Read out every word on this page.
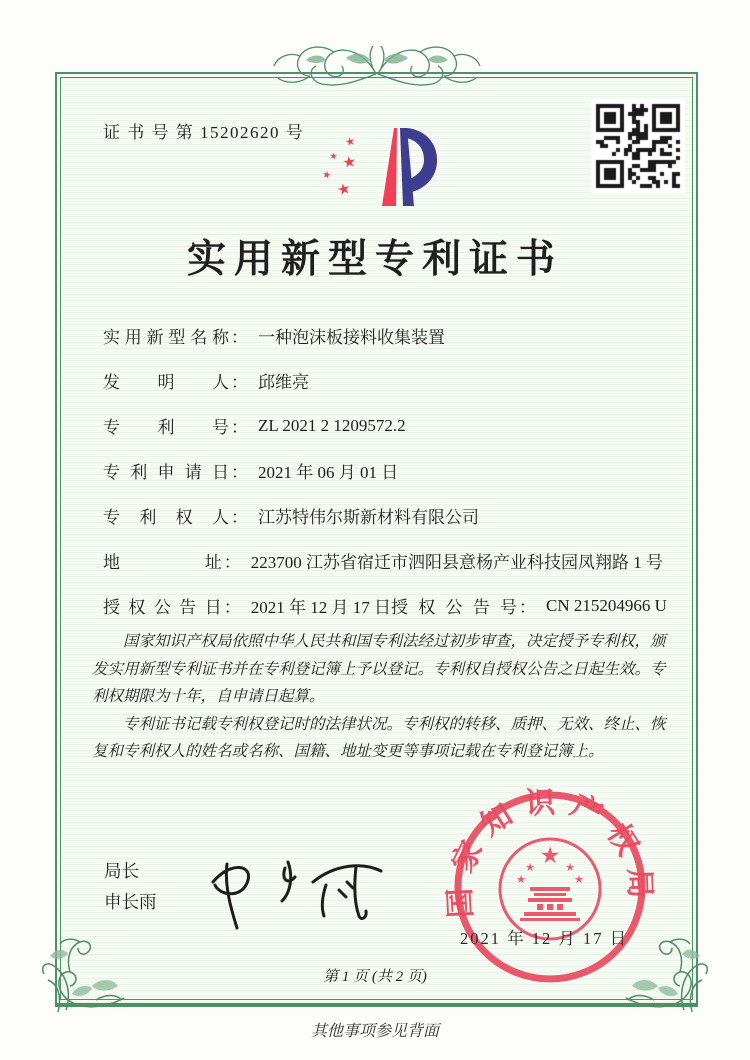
证 书 号 第 15202620 号	★
★ ★
★
★
实用新型专利证书
实用新型名称 ： 一种泡沫板接料收集装置
发明人 ： 邱维亮
专利号 ： ZL 2021 2 1209572.2
专利申请日 ： 2021 年 06 月 01 日
专利权人 ： 江苏特伟尔斯新材料有限公司
地址 ： 223700 江苏省宿迁市泗阳县意杨产业科技园凤翔路 1 号
授权公告日 ： 2021 年 12 月 17 日 授权公告号 ： CN 215204966 U

国家知识产权局依照中华人民共和国专利法经过初步审查，决定授予专利权，颁发实用新型专利证书并在专利登记簿上予以登记。专利权自授权公告之日起生效。专利权期限为十年，自申请日起算。

专利证书记载专利权登记时的法律状况。专利权的转移、质押、无效、终止、恢复和专利权人的姓名或名称、国籍、地址变更等事项记载在专利登记簿上。

局长
申长雨	国家知识产权局
★
★	★
★	★
2021 年 12 月 17 日
第 1 页 (共 2 页)
其他事项参见背面
